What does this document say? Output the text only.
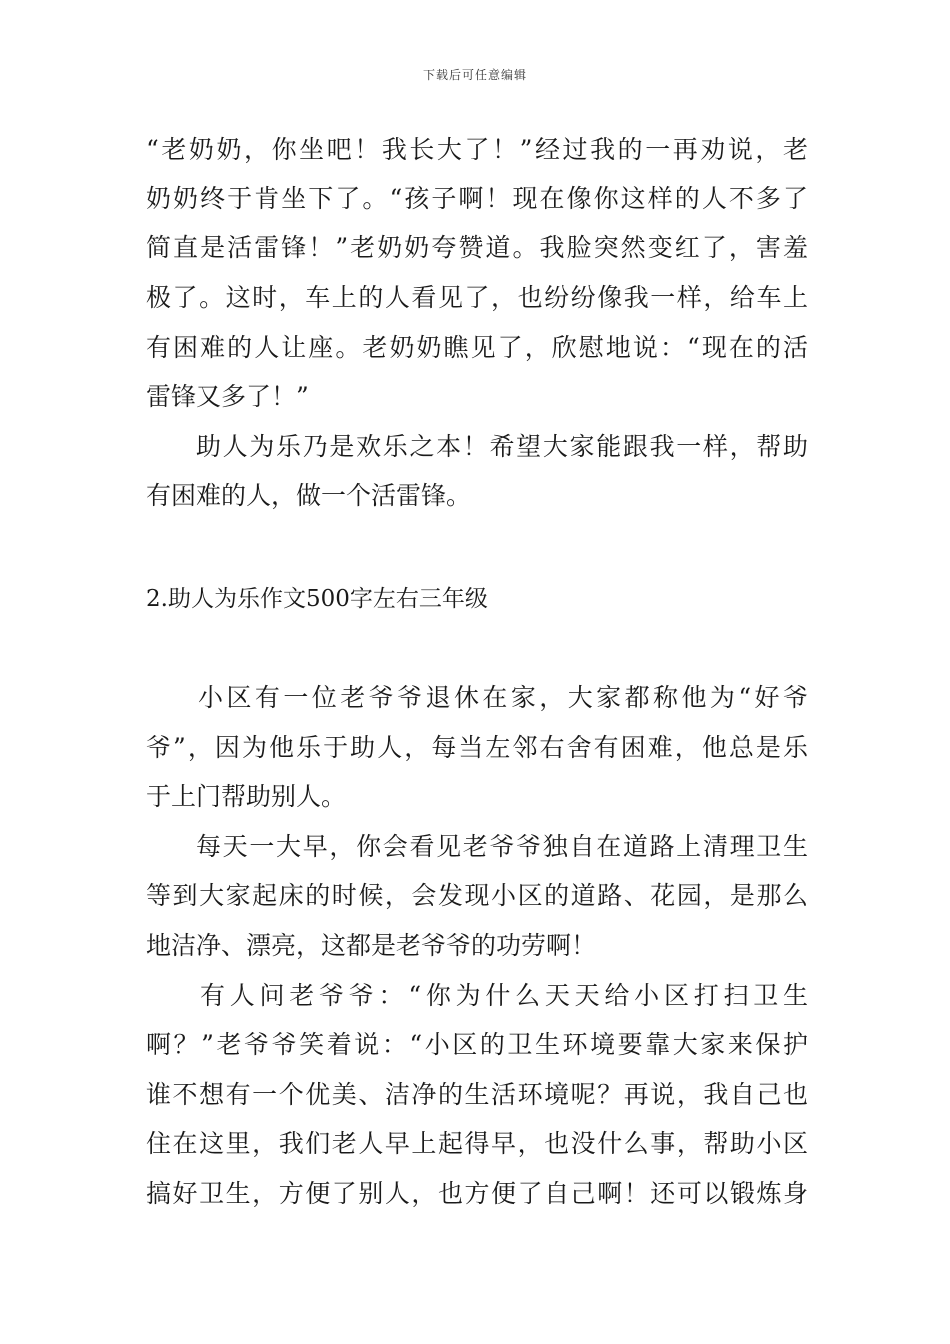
下载后可任意编辑
“老奶奶，你坐吧！我长大了！”经过我的一再劝说，老
奶奶终于肯坐下了。“孩子啊！现在像你这样的人不多了
简直是活雷锋！”老奶奶夸赞道。我脸突然变红了，害羞
极了。这时，车上的人看见了，也纷纷像我一样，给车上
有困难的人让座。老奶奶瞧见了，欣慰地说：“现在的活
雷锋又多了！”
助人为乐乃是欢乐之本！希望大家能跟我一样，帮助
有困难的人，做一个活雷锋。
2.助人为乐作文500字左右三年级
小区有一位老爷爷退休在家，大家都称他为“好爷
爷”，因为他乐于助人，每当左邻右舍有困难，他总是乐
于上门帮助别人。
每天一大早，你会看见老爷爷独自在道路上清理卫生
等到大家起床的时候，会发现小区的道路、花园，是那么
地洁净、漂亮，这都是老爷爷的功劳啊！
有人问老爷爷：“你为什么天天给小区打扫卫生
啊？”老爷爷笑着说：“小区的卫生环境要靠大家来保护
谁不想有一个优美、洁净的生活环境呢？再说，我自己也
住在这里，我们老人早上起得早，也没什么事，帮助小区
搞好卫生，方便了别人，也方便了自己啊！还可以锻炼身
